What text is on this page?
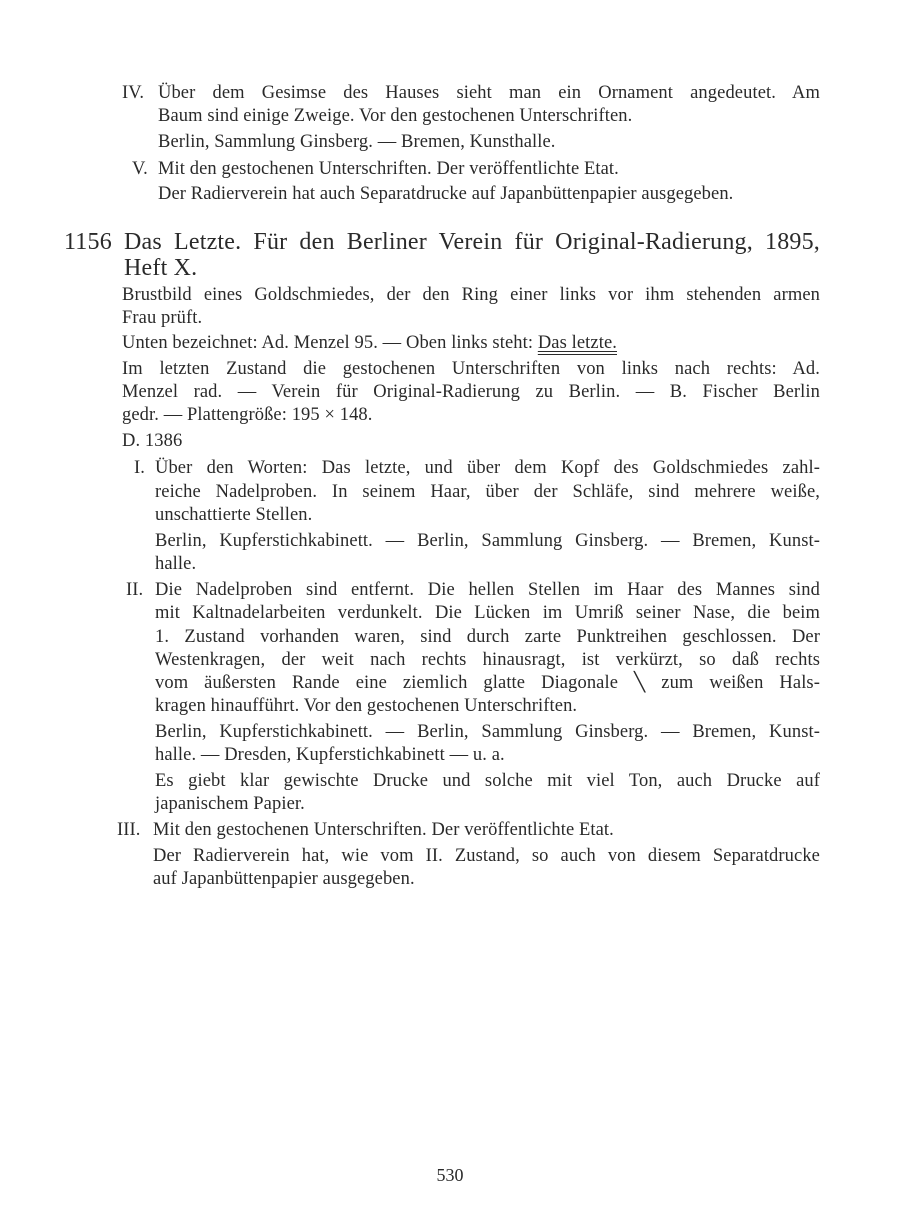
IV. Über dem Gesimse des Hauses sieht man ein Ornament angedeutet. Am
Baum sind einige Zweige. Vor den gestochenen Unterschriften.
Berlin, Sammlung Ginsberg. — Bremen, Kunsthalle.
V. Mit den gestochenen Unterschriften. Der veröffentlichte Etat.
Der Radierverein hat auch Separatdrucke auf Japanbüttenpapier ausgegeben.
1156 Das Letzte. Für den Berliner Verein für Original-Radierung, 1895,
Heft X.
Brustbild eines Goldschmiedes, der den Ring einer links vor ihm stehenden armen
Frau prüft.
Unten bezeichnet: Ad. Menzel 95. — Oben links steht: Das letzte.
Im letzten Zustand die gestochenen Unterschriften von links nach rechts: Ad.
Menzel rad. — Verein für Original-Radierung zu Berlin. — B. Fischer Berlin
gedr. — Plattengröße: 195 × 148.
D. 1386
I. Über den Worten: Das letzte, und über dem Kopf des Goldschmiedes zahl-
reiche Nadelproben. In seinem Haar, über der Schläfe, sind mehrere weiße,
unschattierte Stellen.
Berlin, Kupferstichkabinett. — Berlin, Sammlung Ginsberg. — Bremen, Kunst-
halle.
II. Die Nadelproben sind entfernt. Die hellen Stellen im Haar des Mannes sind
mit Kaltnadelarbeiten verdunkelt. Die Lücken im Umriß seiner Nase, die beim
1. Zustand vorhanden waren, sind durch zarte Punktreihen geschlossen. Der
Westenkragen, der weit nach rechts hinausragt, ist verkürzt, so daß rechts
vom äußersten Rande eine ziemlich glatte Diagonale ╲ zum weißen Hals-
kragen hinaufführt. Vor den gestochenen Unterschriften.
Berlin, Kupferstichkabinett. — Berlin, Sammlung Ginsberg. — Bremen, Kunst-
halle. — Dresden, Kupferstichkabinett — u. a.
Es giebt klar gewischte Drucke und solche mit viel Ton, auch Drucke auf
japanischem Papier.
III. Mit den gestochenen Unterschriften. Der veröffentlichte Etat.
Der Radierverein hat, wie vom II. Zustand, so auch von diesem Separatdrucke
auf Japanbüttenpapier ausgegeben.
530
